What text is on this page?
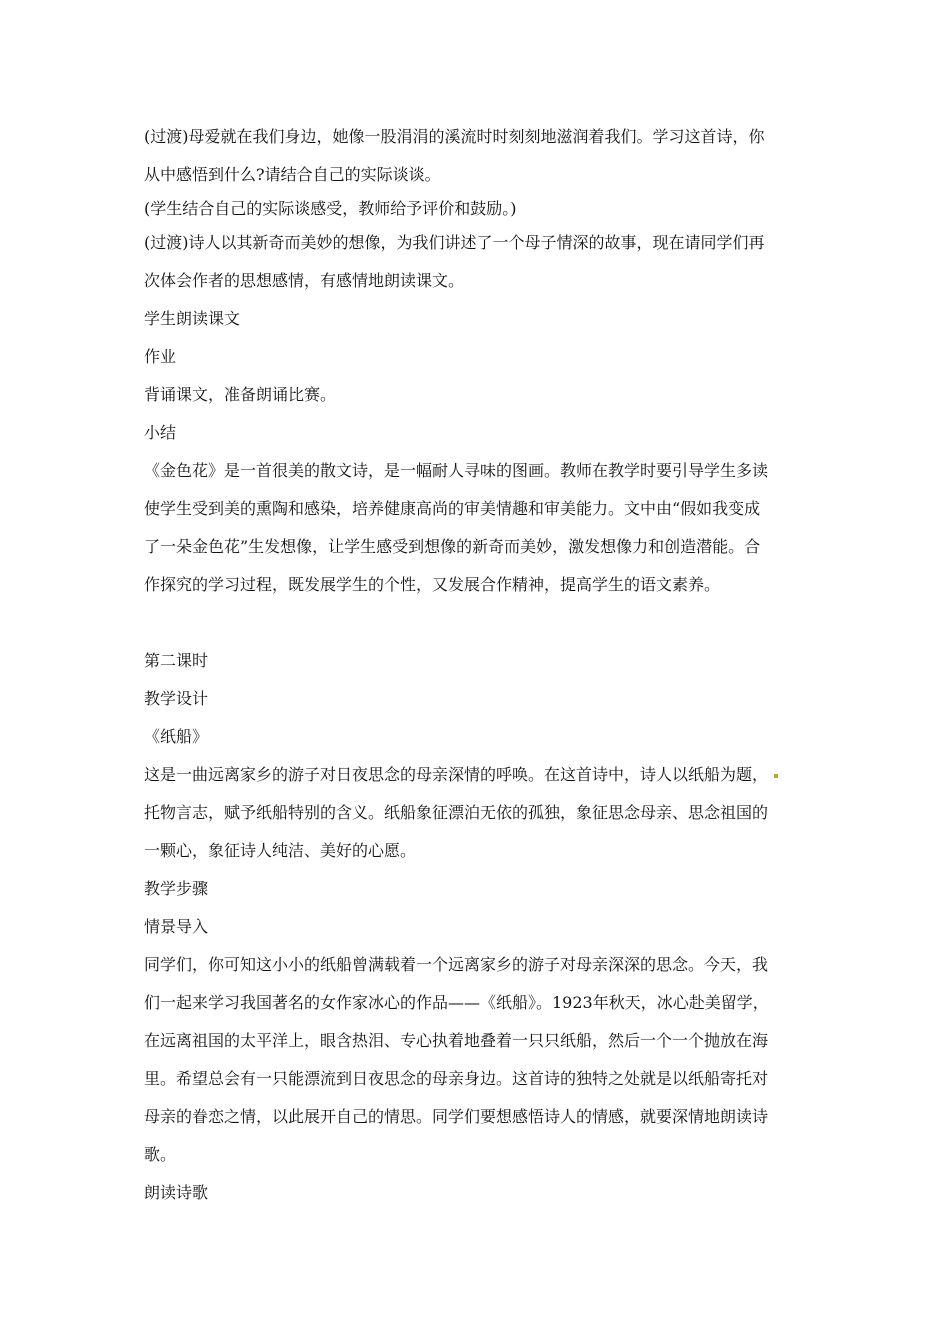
(过渡)母爱就在我们身边，她像一股涓涓的溪流时时刻刻地滋润着我们。学习这首诗，你
从中感悟到什么?请结合自己的实际谈谈。
(学生结合自己的实际谈感受，教师给予评价和鼓励。)
(过渡)诗人以其新奇而美妙的想像，为我们讲述了一个母子情深的故事，现在请同学们再
次体会作者的思想感情，有感情地朗读课文。
学生朗读课文
作业
背诵课文，准备朗诵比赛。
小结
《金色花》是一首很美的散文诗，是一幅耐人寻味的图画。教师在教学时要引导学生多读
使学生受到美的熏陶和感染，培养健康高尚的审美情趣和审美能力。文中由“假如我变成
了一朵金色花”生发想像，让学生感受到想像的新奇而美妙，激发想像力和创造潜能。合
作探究的学习过程，既发展学生的个性，又发展合作精神，提高学生的语文素养。
第二课时
教学设计
《纸船》
这是一曲远离家乡的游子对日夜思念的母亲深情的呼唤。在这首诗中，诗人以纸船为题，
托物言志，赋予纸船特别的含义。纸船象征漂泊无依的孤独，象征思念母亲、思念祖国的
一颗心，象征诗人纯洁、美好的心愿。
教学步骤
情景导入
同学们，你可知这小小的纸船曾满载着一个远离家乡的游子对母亲深深的思念。今天，我
们一起来学习我国著名的女作家冰心的作品——《纸船》。1923年秋天，冰心赴美留学，
在远离祖国的太平洋上，眼含热泪、专心执着地叠着一只只纸船，然后一个一个抛放在海
里。希望总会有一只能漂流到日夜思念的母亲身边。这首诗的独特之处就是以纸船寄托对
母亲的眷恋之情，以此展开自己的情思。同学们要想感悟诗人的情感，就要深情地朗读诗
歌。
朗读诗歌
